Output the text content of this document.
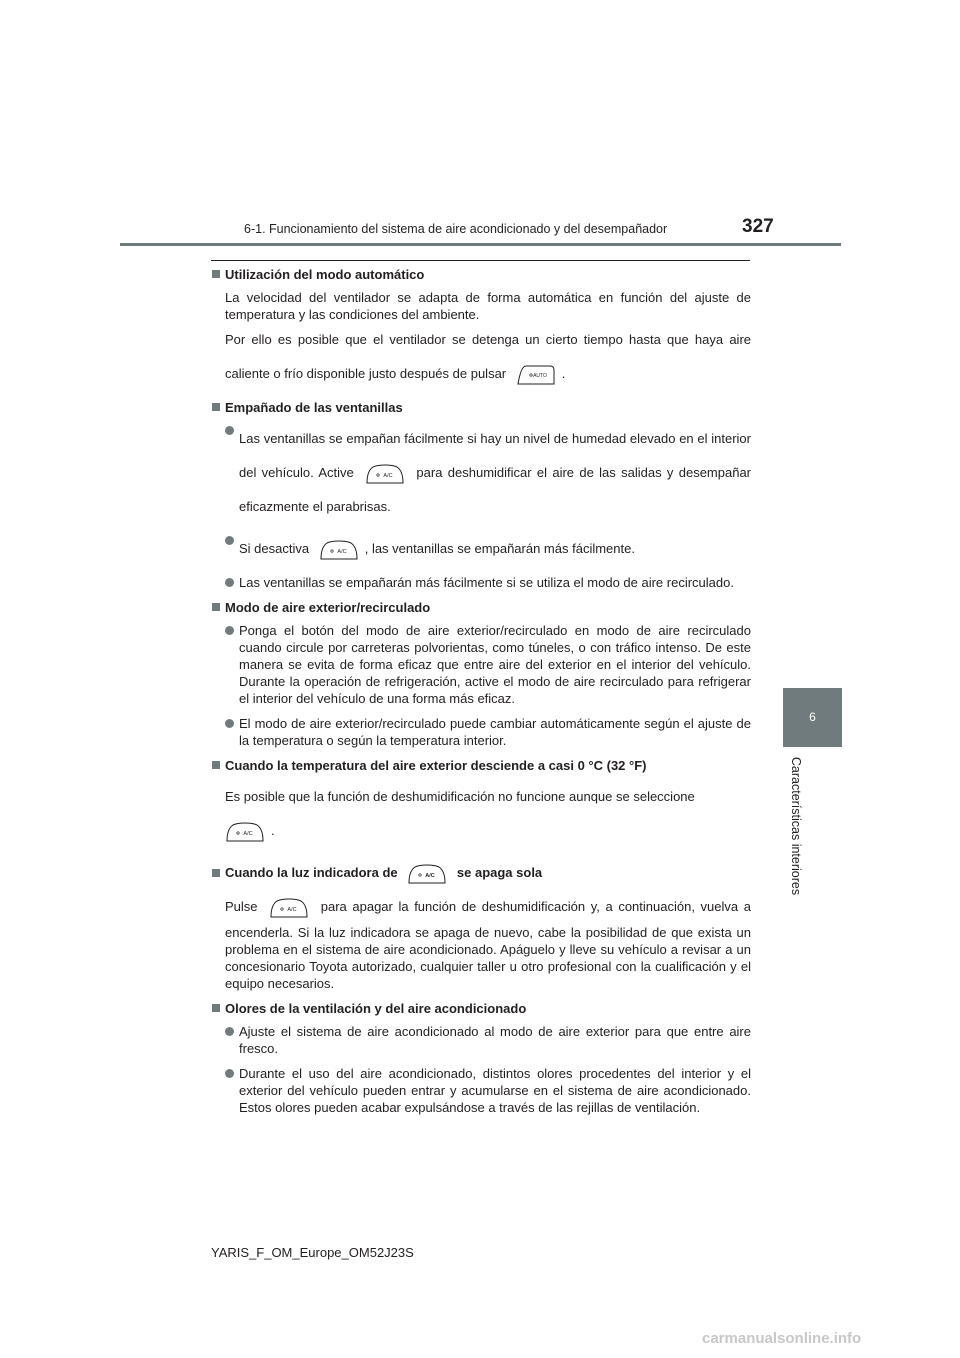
6-1. Funcionamiento del sistema de aire acondicionado y del desempañador	327
6
Características interiores
Utilización del modo automático
La velocidad del ventilador se adapta de forma automática en función del ajuste de temperatura y las condiciones del ambiente.
Por ello es posible que el ventilador se detenga un cierto tiempo hasta que haya aire caliente o frío disponible justo después de pulsar	AUTO .
Empañado de las ventanillas
Las ventanillas se empañan fácilmente si hay un nivel de humedad elevado en el interior del vehículo. Active	A/C para deshumidificar el aire de las salidas y desempañar eficazmente el parabrisas.
Si desactiva	A/C , las ventanillas se empañarán más fácilmente.
Las ventanillas se empañarán más fácilmente si se utiliza el modo de aire recirculado.
Modo de aire exterior/recirculado
Ponga el botón del modo de aire exterior/recirculado en modo de aire recirculado cuando circule por carreteras polvorientas, como túneles, o con tráfico intenso. De este manera se evita de forma eficaz que entre aire del exterior en el interior del vehículo. Durante la operación de refrigeración, active el modo de aire recirculado para refrigerar el interior del vehículo de una forma más eficaz.
El modo de aire exterior/recirculado puede cambiar automáticamente según el ajuste de la temperatura o según la temperatura interior.
Cuando la temperatura del aire exterior desciende a casi 0 °C (32 °F)
Es posible que la función de deshumidificación no funcione aunque se seleccione

A/C .
Cuando la luz indicadora de	A/C se apaga sola
Pulse	A/C para apagar la función de deshumidificación y, a continuación, vuelva a encenderla. Si la luz indicadora se apaga de nuevo, cabe la posibilidad de que exista un problema en el sistema de aire acondicionado. Apáguelo y lleve su vehículo a revisar a un concesionario Toyota autorizado, cualquier taller u otro profesional con la cualificación y el equipo necesarios.
Olores de la ventilación y del aire acondicionado
Ajuste el sistema de aire acondicionado al modo de aire exterior para que entre aire fresco.
Durante el uso del aire acondicionado, distintos olores procedentes del interior y el exterior del vehículo pueden entrar y acumularse en el sistema de aire acondicionado. Estos olores pueden acabar expulsándose a través de las rejillas de ventilación.
YARIS_F_OM_Europe_OM52J23S
carmanualsonline.info
